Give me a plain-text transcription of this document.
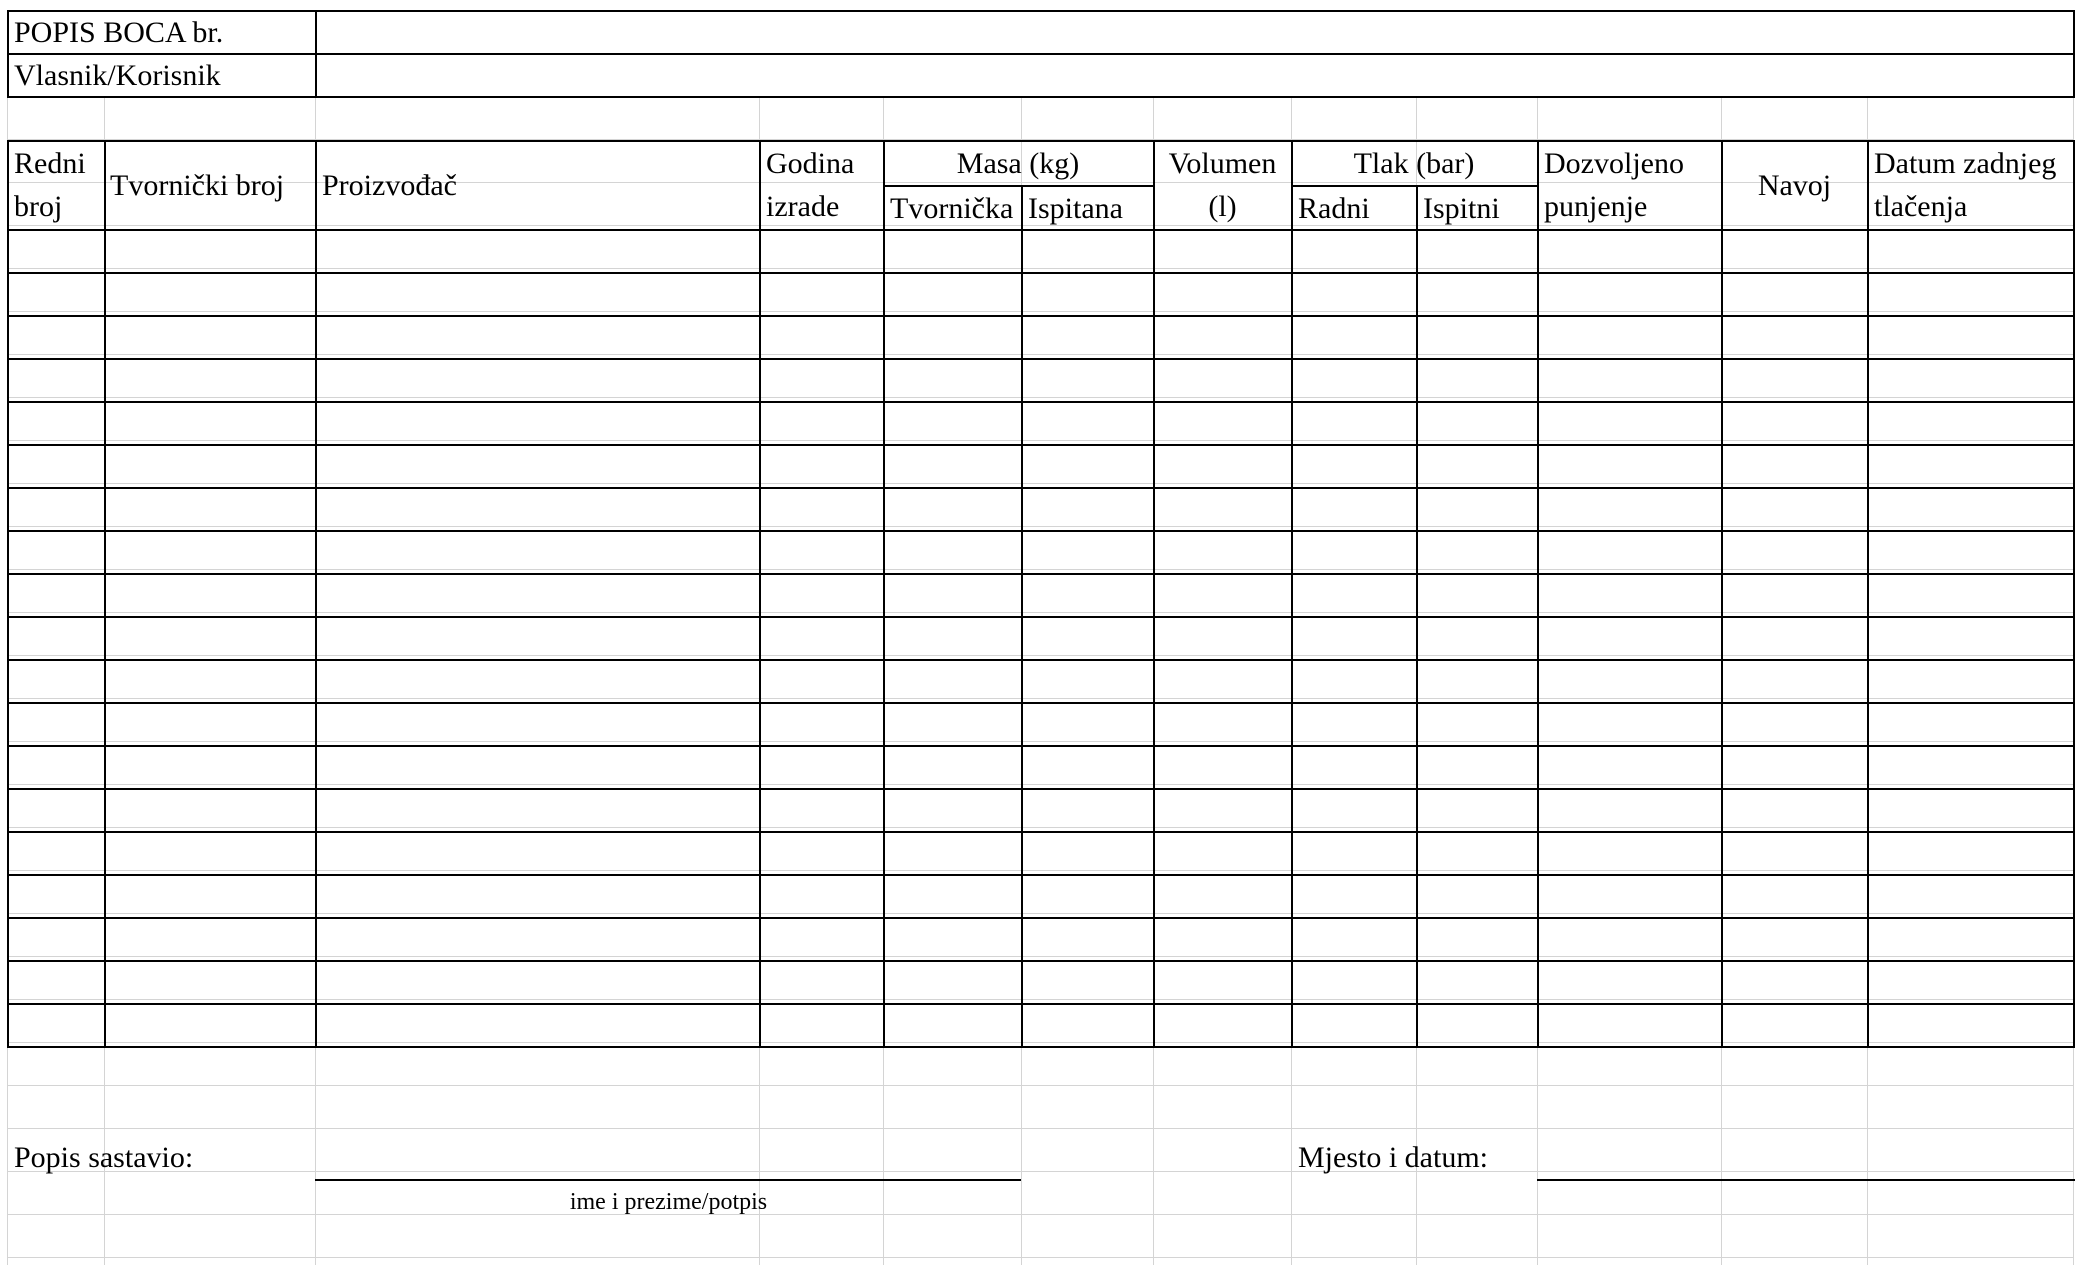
POPIS BOCA br.
Vlasnik/Korisnik
Redni
broj
Tvornički broj	Proizvođač
Godina
izrade
Masa (kg)
Tvornička Ispitana
Volumen
(l)
Tlak (bar)
Radni	Ispitni
Dozvoljeno
punjenje
Navoj
Datum zadnjeg
tlačenja
Popis sastavio:
ime i prezime/potpis
Mjesto i datum:
